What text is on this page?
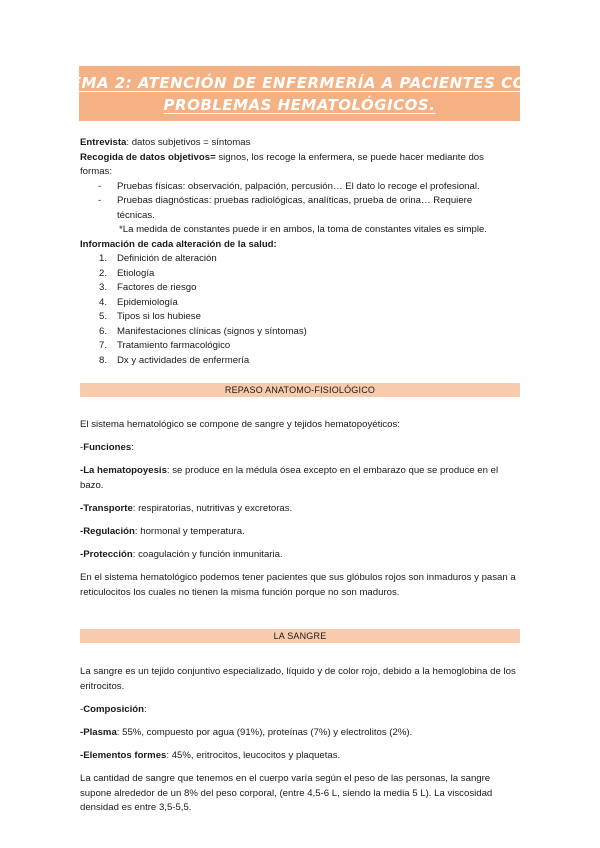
TEMA 2: ATENCIÓN DE ENFERMERÍA A PACIENTES CON
PROBLEMAS HEMATOLÓGICOS.

Entrevista: datos subjetivos = síntomas

Recogida de datos objetivos= signos, los recoge la enfermera, se puede hacer mediante dos

formas:

- Pruebas físicas: observación, palpación, percusión… El dato lo recoge el profesional.
- Pruebas diagnósticas: pruebas radiológicas, analíticas, prueba de orina… Requiere técnicas.

*La medida de constantes puede ir en ambos, la toma de constantes vitales es simple.

Información de cada alteración de la salud:

1. Definición de alteración
2. Etiología
3. Factores de riesgo
4. Epidemiología
5. Tipos si los hubiese
6. Manifestaciones clínicas (signos y síntomas)
7. Tratamiento farmacológico
8. Dx y actividades de enfermería
REPASO ANATOMO-FISIOLÓGICO

El sistema hematológico se compone de sangre y tejidos hematopoyéticos:

-Funciones:

-La hematopoyesis: se produce en la médula ósea excepto en el embarazo que se produce en el bazo.

-Transporte: respiratorias, nutritivas y excretoras.

-Regulación: hormonal y temperatura.

-Protección: coagulación y función inmunitaria.

En el sistema hematológico podemos tener pacientes que sus glóbulos rojos son inmaduros y pasan a reticulocitos los cuales no tienen la misma función porque no son maduros.

LA SANGRE

La sangre es un tejido conjuntivo especializado, líquido y de color rojo, debido a la hemoglobina de los eritrocitos.

-Composición:

-Plasma: 55%, compuesto por agua (91%), proteínas (7%) y electrolitos (2%).

-Elementos formes: 45%, eritrocitos, leucocitos y plaquetas.

La cantidad de sangre que tenemos en el cuerpo varía según el peso de las personas, la sangre supone alrededor de un 8% del peso corporal, (entre 4,5-6 L, siendo la media 5 L). La viscosidad densidad es entre 3,5-5,5.
